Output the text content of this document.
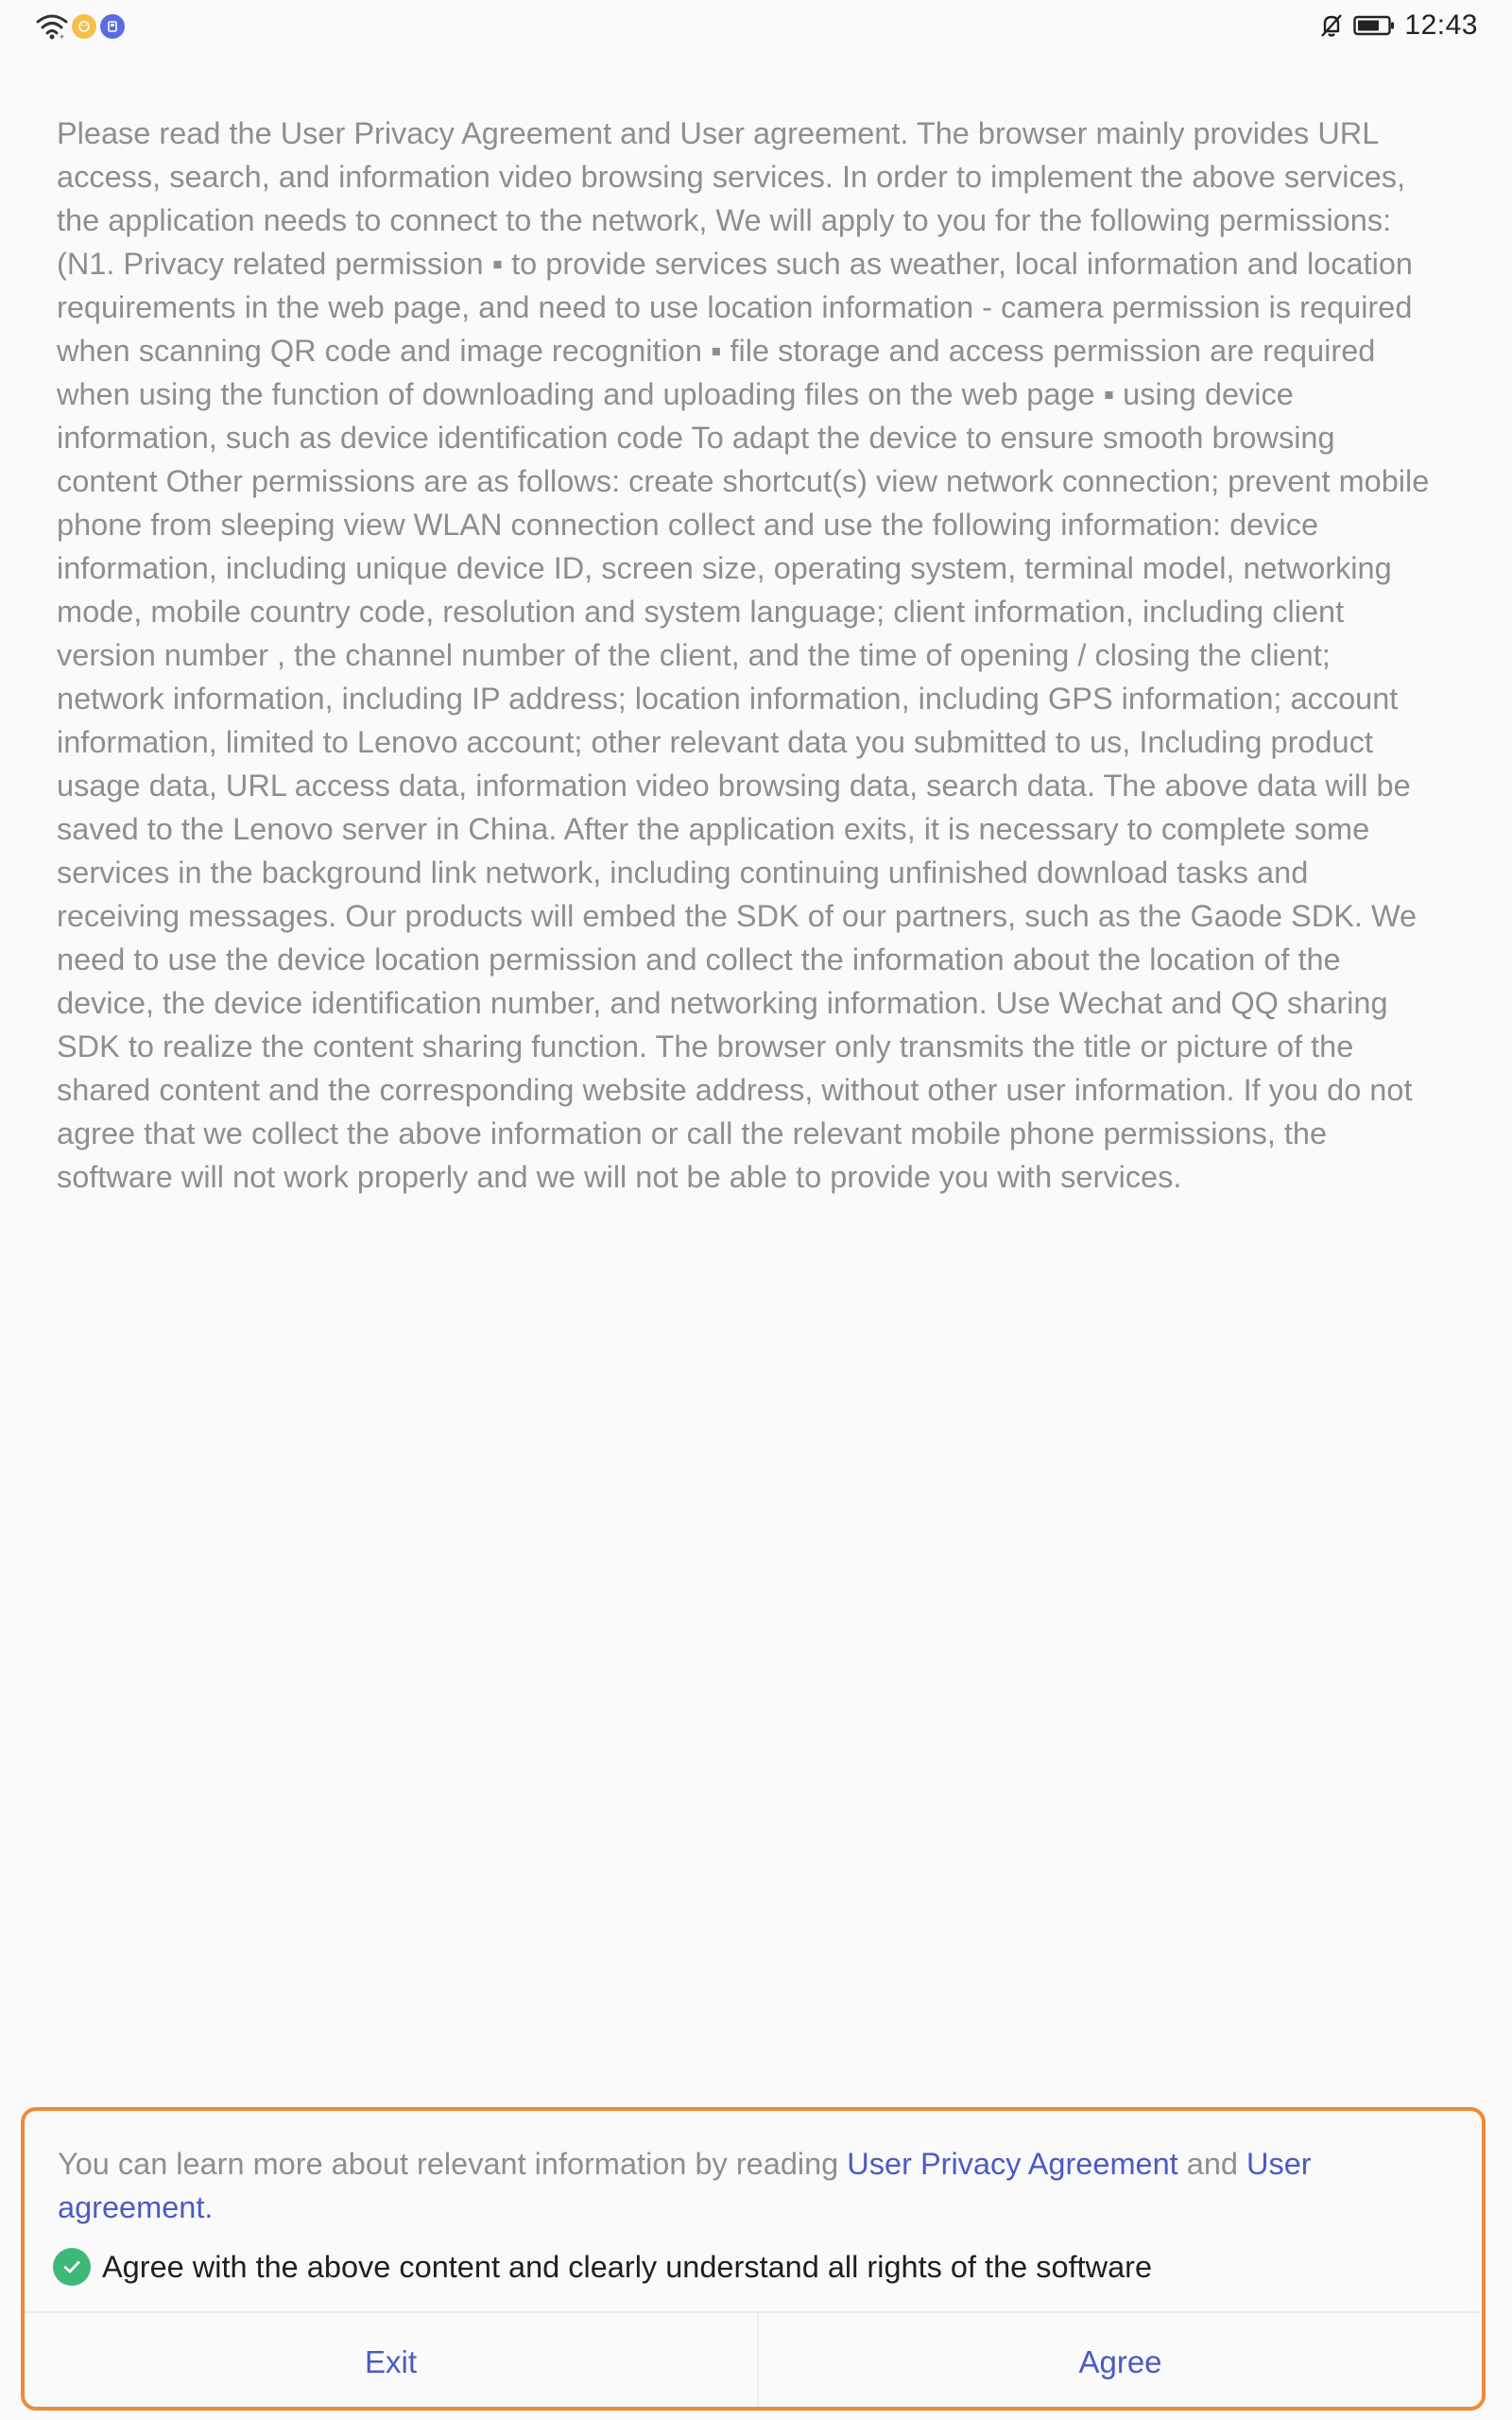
+	12:43

Please read the User Privacy Agreement and User agreement. The browser mainly provides URL access, search, and information video browsing services. In order to implement the above services, the application needs to connect to the network, We will apply to you for the following permissions: (N1. Privacy related permission ▪ to provide services such as weather, local information and location requirements in the web page, and need to use location information - camera permission is required when scanning QR code and image recognition ▪ file storage and access permission are required when using the function of downloading and uploading files on the web page ▪ using device information, such as device identification code To adapt the device to ensure smooth browsing content Other permissions are as follows: create shortcut(s) view network connection; prevent mobile phone from sleeping view WLAN connection collect and use the following information: device information, including unique device ID, screen size, operating system, terminal model, networking mode, mobile country code, resolution and system language; client information, including client version number , the channel number of the client, and the time of opening / closing the client; network information, including IP address; location information, including GPS information; account information, limited to Lenovo account; other relevant data you submitted to us, Including product usage data, URL access data, information video browsing data, search data. The above data will be saved to the Lenovo server in China. After the application exits, it is necessary to complete some services in the background link network, including continuing unfinished download tasks and receiving messages. Our products will embed the SDK of our partners, such as the Gaode SDK. We need to use the device location permission and collect the information about the location of the device, the device identification number, and networking information. Use Wechat and QQ sharing SDK to realize the content sharing function. The browser only transmits the title or picture of the shared content and the corresponding website address, without other user information. If you do not agree that we collect the above information or call the relevant mobile phone permissions, the software will not work properly and we will not be able to provide you with services.

You can learn more about relevant information by reading User Privacy Agreement and User agreement.

Agree with the above content and clearly understand all rights of the software
Exit	Agree
